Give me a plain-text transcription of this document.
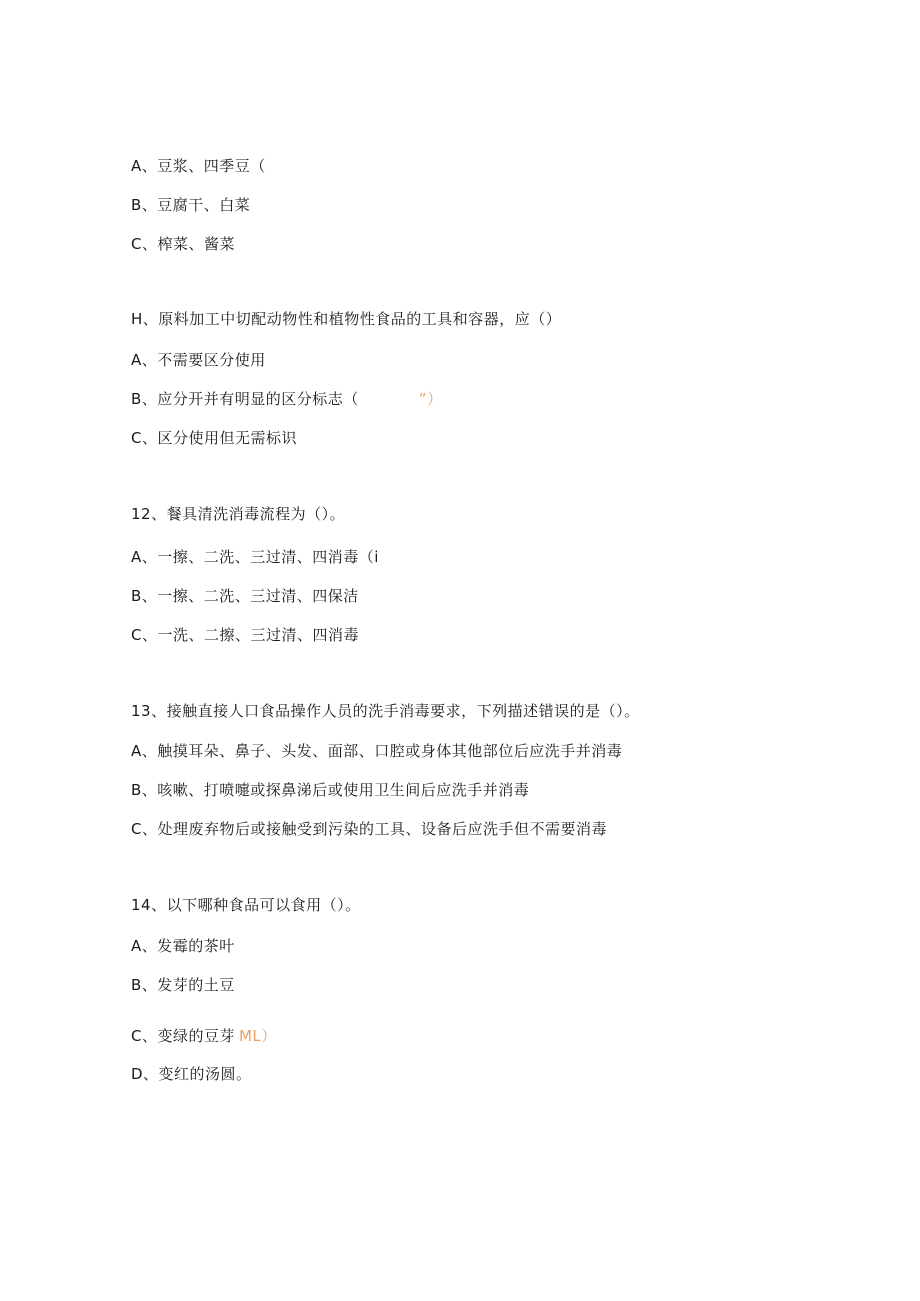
A、豆浆、四季豆（
B、豆腐干、白菜
C、榨菜、酱菜
H、原料加工中切配动物性和植物性食品的工具和容器，应（）
A、不需要区分使用
B、应分开并有明显的区分标志（	”）
C、区分使用但无需标识
12、餐具清洗消毒流程为（）。
A、一擦、二洗、三过清、四消毒（i
B、一擦、二洗、三过清、四保洁
C、一洗、二擦、三过清、四消毒
13、接触直接人口食品操作人员的洗手消毒要求，下列描述错误的是（）。
A、触摸耳朵、鼻子、头发、面部、口腔或身体其他部位后应洗手并消毒
B、咳嗽、打喷嚏或探鼻涕后或使用卫生间后应洗手并消毒
C、处理废弃物后或接触受到污染的工具、设备后应洗手但不需要消毒
14、以下哪种食品可以食用（）。
A、发霉的茶叶
B、发芽的土豆
C、变绿的豆芽 ML）
D、变红的汤圆。
